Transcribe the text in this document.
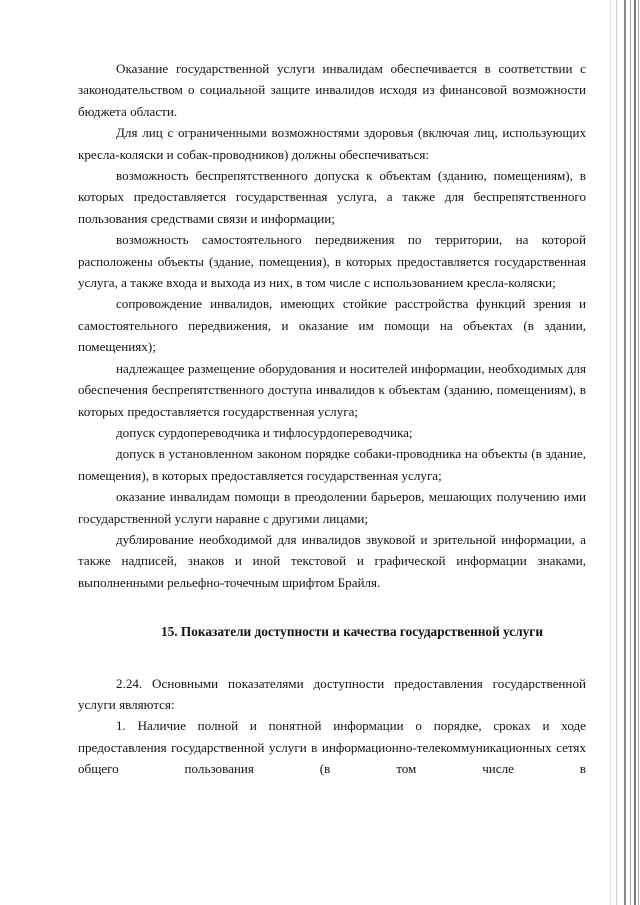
Оказание государственной услуги инвалидам обеспечивается в соответствии с законодательством о социальной защите инвалидов исходя из финансовой возможности бюджета области.

Для лиц с ограниченными возможностями здоровья (включая лиц, использующих кресла-коляски и собак-проводников) должны обеспечиваться:

возможность беспрепятственного допуска к объектам (зданию, помещениям), в которых предоставляется государственная услуга, а также для беспрепятственного пользования средствами связи и информации;

возможность самостоятельного передвижения по территории, на которой расположены объекты (здание, помещения), в которых предоставляется государственная услуга, а также входа и выхода из них, в том числе с использованием кресла-коляски;

сопровождение инвалидов, имеющих стойкие расстройства функций зрения и самостоятельного передвижения, и оказание им помощи на объектах (в здании, помещениях);

надлежащее размещение оборудования и носителей информации, необходимых для обеспечения беспрепятственного доступа инвалидов к объектам (зданию, помещениям), в которых предоставляется государственная услуга;

допуск сурдопереводчика и тифлосурдопереводчика;

допуск в установленном законом порядке собаки-проводника на объекты (в здание, помещения), в которых предоставляется государственная услуга;

оказание инвалидам помощи в преодолении барьеров, мешающих получению ими государственной услуги наравне с другими лицами;

дублирование необходимой для инвалидов звуковой и зрительной информации, а также надписей, знаков и иной текстовой и графической информации знаками, выполненными рельефно-точечным шрифтом Брайля.

15. Показатели доступности и качества государственной услуги

2.24. Основными показателями доступности предоставления государственной услуги являются:

1. Наличие полной и понятной информации о порядке, сроках и ходе предоставления государственной услуги в информационно-телекоммуникационных сетях общего пользования (в том числе в
